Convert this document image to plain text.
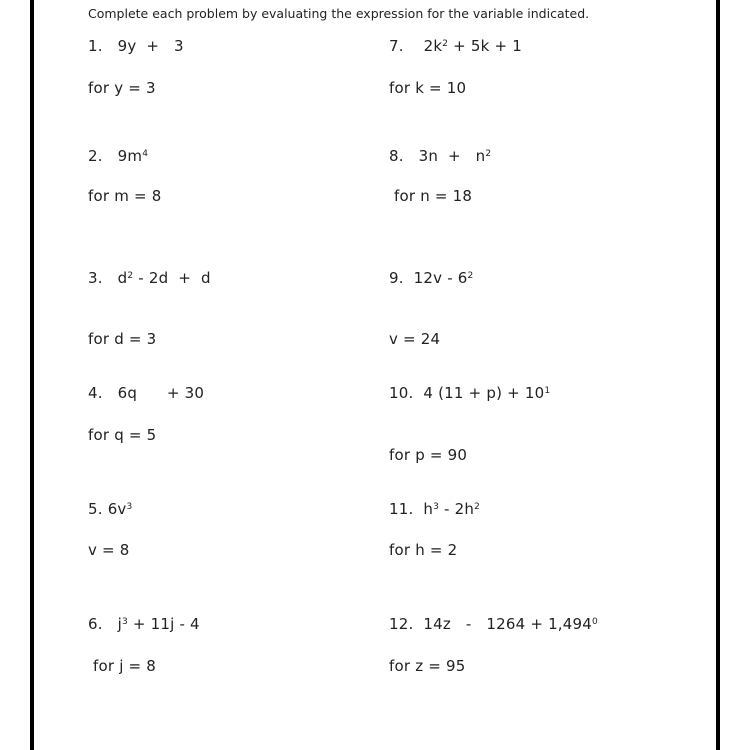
Complete each problem by evaluating the expression for the variable indicated.
1. 9y  +   3
for y = 3
2. $9m^4$
for m = 8
3. $d^2 - 2d + d$
for d = 3
4. 6q      + 30
for q = 5
5. $6v^3$
v = 8
6. $j^3 + 11j - 4$
for j = 8
7. $2k^2 + 5k + 1$
for k = 10
8. $3n + n^2$
for n = 18
9. $12v - 6^2$
v = 24
10. 4 $(11 + p) + 10^1$
for p = 90
11. $h^3 - 2h^2$
for h = 2
12. $14z - 1264 + 1,494^0$
for z = 95
